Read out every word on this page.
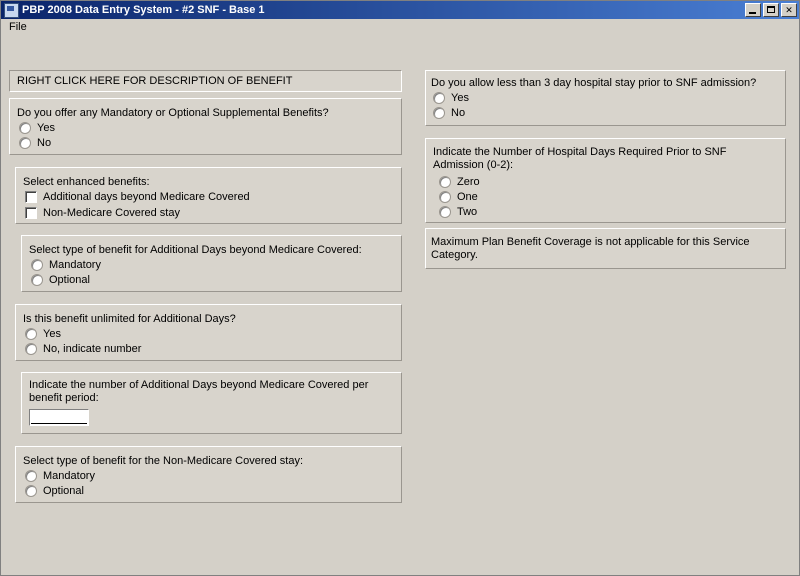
PBP 2008 Data Entry System - #2 SNF - Base 1	✕
File
RIGHT CLICK HERE FOR DESCRIPTION OF BENEFIT
Do you offer any Mandatory or Optional Supplemental Benefits?
Yes
No
Select enhanced benefits:
Additional days beyond Medicare Covered
Non-Medicare Covered stay
Select type of benefit for Additional Days beyond Medicare Covered:
Mandatory
Optional
Is this benefit unlimited for Additional Days?
Yes
No, indicate number
Indicate the number of Additional Days beyond Medicare Covered per benefit period:
Select type of benefit for the Non-Medicare Covered stay:
Mandatory
Optional
Do you allow less than 3 day hospital stay prior to SNF admission?
Yes
No
Indicate the Number of Hospital Days Required Prior to SNF Admission (0-2):
Zero
One
Two
Maximum Plan Benefit Coverage is not applicable for this Service Category.
